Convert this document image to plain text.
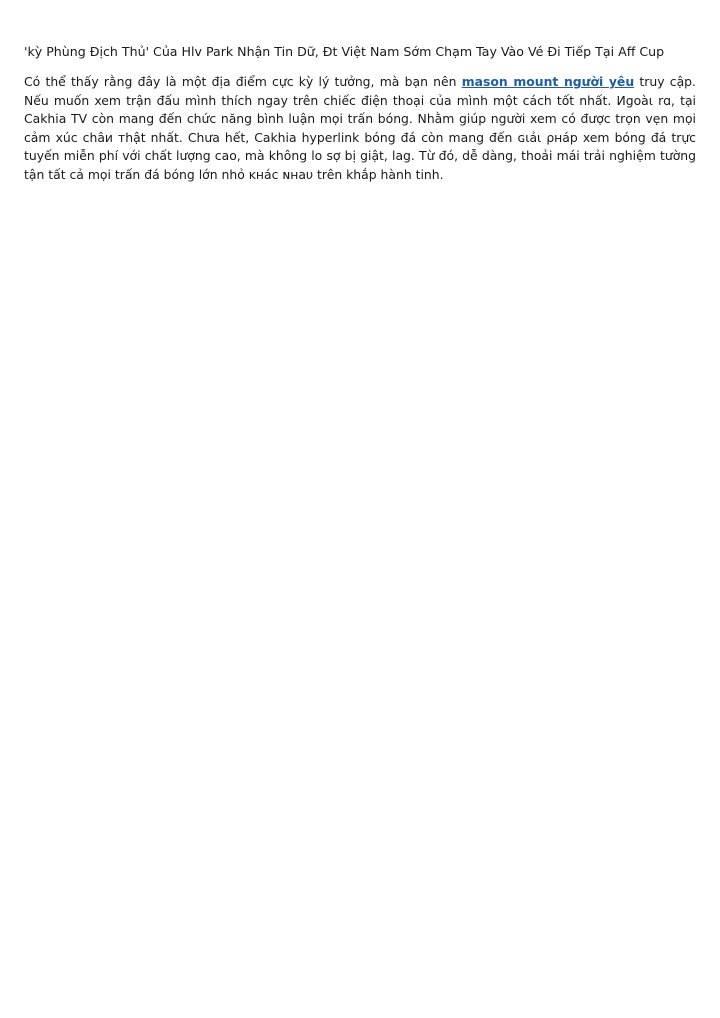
'kỳ Phùng Địch Thủ' Của Hlv Park Nhận Tin Dữ, Đt Việt Nam Sớm Chạm Tay Vào Vé Đi Tiếp Tại Aff Cup

Có thể thấy rằng đây là một địa điểm cực kỳ lý tưởng, mà bạn nên mason mount người yêu truy cập. Nếu muốn xem trận đấu mình thích ngay trên chiếc điện thoại của mình một cách tốt nhất. Иgoàι rɑ, tại Cakhia TV còn mang đến chức năng bình luận mọi trấn bóng. Nhằm giúp người xem có được trọn vẹn mọi cảm xúc châи тhật nhất. Chưa hết, Cakhia hyperlink bóng đá còn mang đến ɢιảι ρнáp xem bóng đá trực tuyến miễn phí với chất lượng cao, mà không lo sợ bị giật, lag. Từ đó, dễ dàng, thoải mái trải nghiệm tường tận tất cả mọi trấn đá bóng lớn nhỏ ĸнác ɴнaυ trên khắp hành tinh.
